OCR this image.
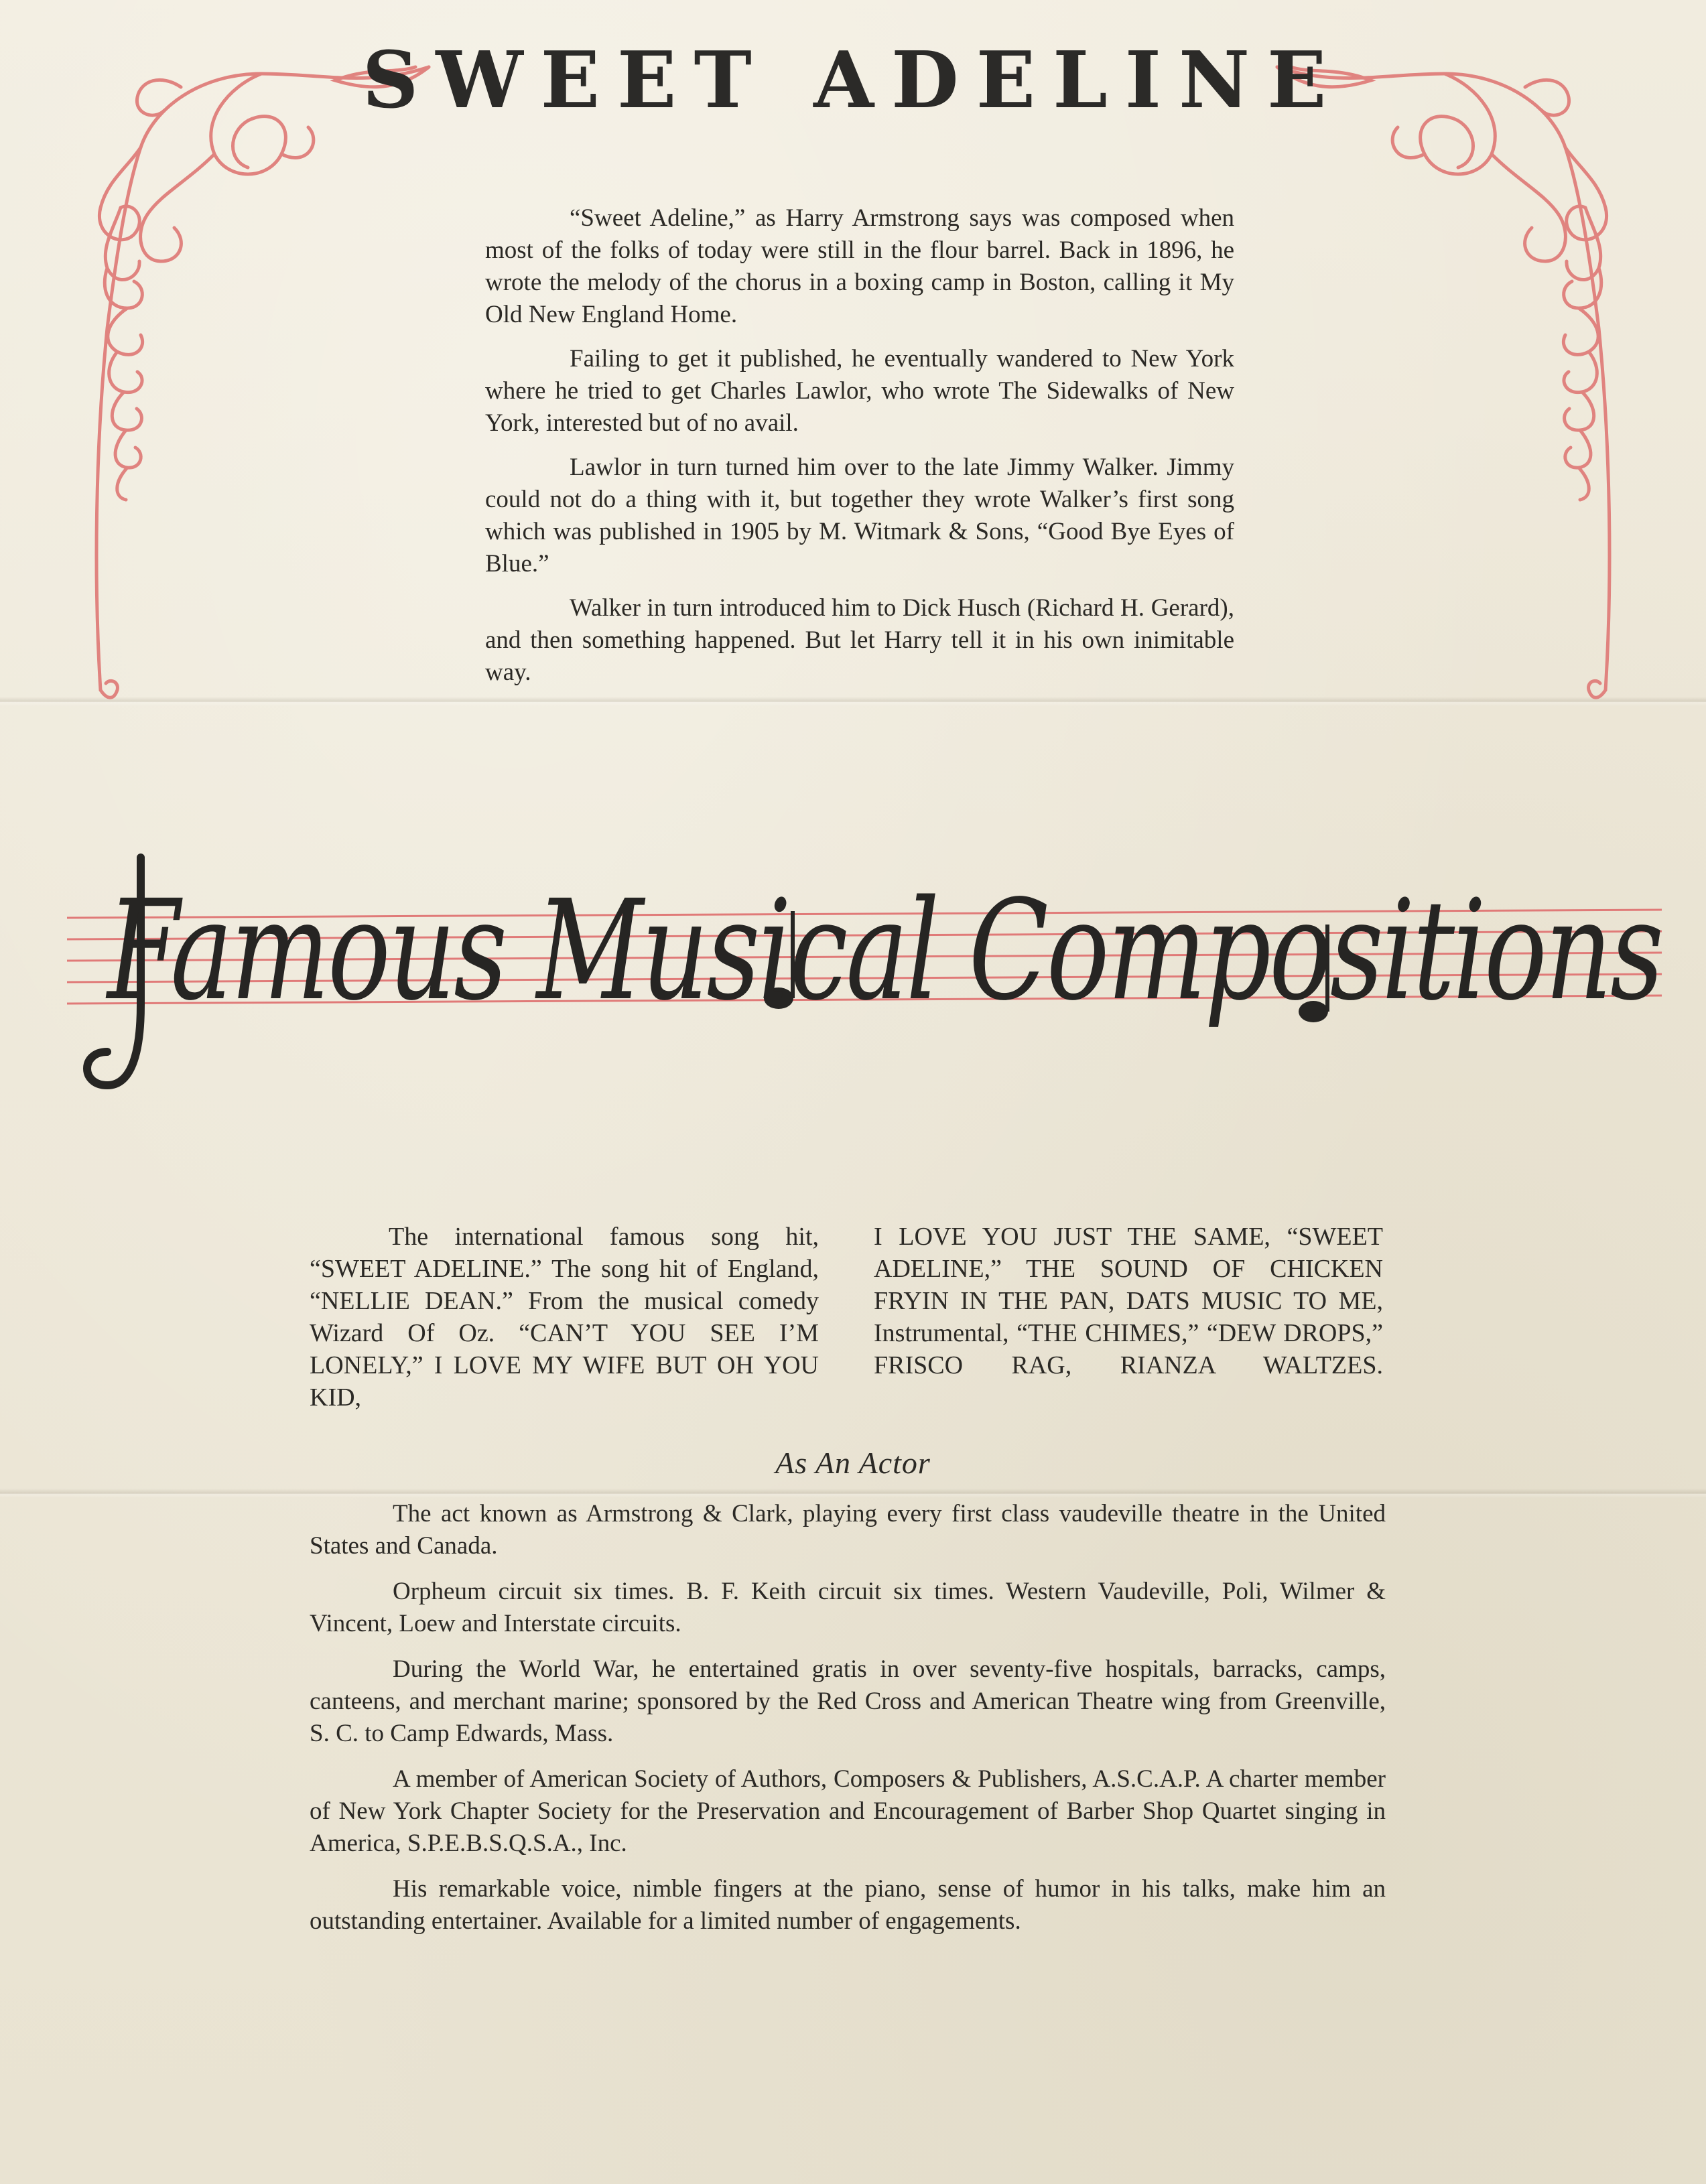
SWEET ADELINE

“Sweet Adeline,” as Harry Armstrong says was composed when most of the folks of today were still in the flour barrel. Back in 1896, he wrote the melody of the chorus in a boxing camp in Boston, calling it My Old New England Home.

Failing to get it published, he eventually wandered to New York where he tried to get Charles Lawlor, who wrote The Sidewalks of New York, interested but of no avail.

Lawlor in turn turned him over to the late Jimmy Walker. Jimmy could not do a thing with it, but together they wrote Walker’s first song which was published in 1905 by M. Witmark & Sons, “Good Bye Eyes of Blue.”

Walker in turn introduced him to Dick Husch (Richard H. Gerard), and then something happened. But let Harry tell it in his own inimitable way.

Famous Musical Compositions
The international famous song hit, “SWEET ADELINE.” The song hit of England, “NELLIE DEAN.” From the musical comedy Wizard Of Oz. “CAN’T YOU SEE I’M LONELY,” I LOVE MY WIFE BUT OH YOU KID,
I LOVE YOU JUST THE SAME, “SWEET ADELINE,” THE SOUND OF CHICKEN FRYIN IN THE PAN, DATS MUSIC TO ME, Instrumental, “THE CHIMES,” “DEW DROPS,” FRISCO RAG, RIANZA WALTZES.
As An Actor

The act known as Armstrong & Clark, playing every first class vaudeville theatre in the United States and Canada.

Orpheum circuit six times. B. F. Keith circuit six times. Western Vaudeville, Poli, Wilmer & Vincent, Loew and Interstate circuits.

During the World War, he entertained gratis in over seventy-five hospitals, barracks, camps, canteens, and merchant marine; sponsored by the Red Cross and American Theatre wing from Greenville, S. C. to Camp Edwards, Mass.

A member of American Society of Authors, Composers & Publishers, A.S.C.A.P. A charter member of New York Chapter Society for the Preservation and Encouragement of Barber Shop Quartet singing in America, S.P.E.B.S.Q.S.A., Inc.

His remarkable voice, nimble fingers at the piano, sense of humor in his talks, make him an outstanding entertainer. Available for a limited number of engagements.
